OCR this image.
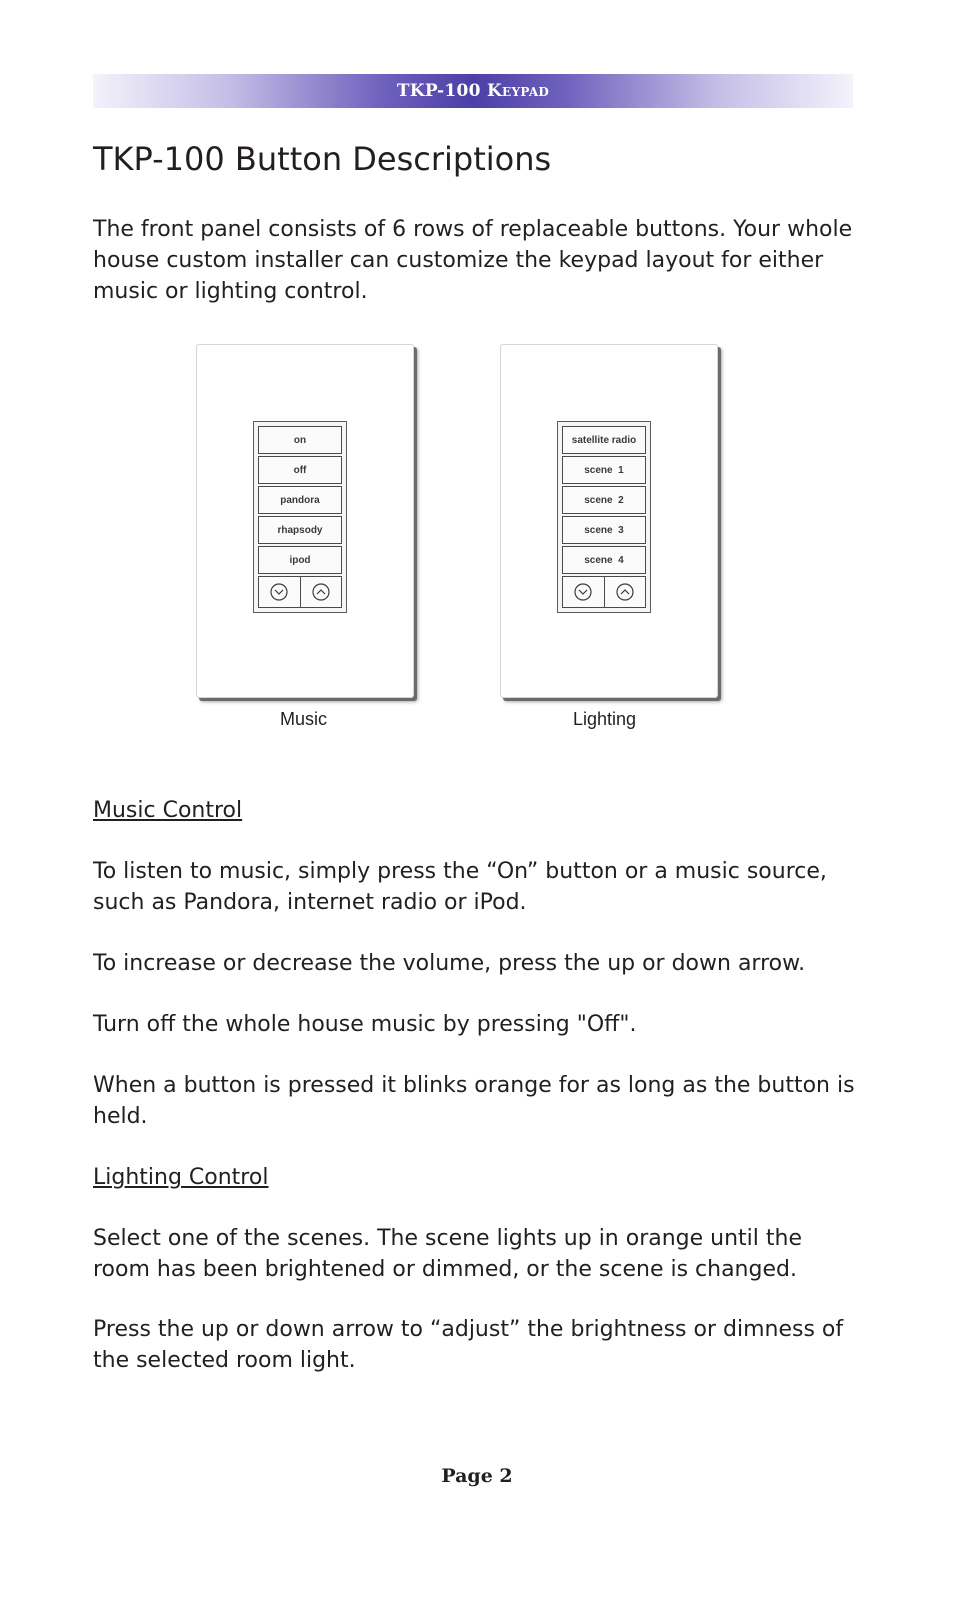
TKP-100 Keypad
TKP-100 Button Descriptions

The front panel consists of 6 rows of replaceable buttons. Your whole house custom installer can customize the keypad layout for either music or lighting control.

on
off
pandora
rhapsody
ipod
Music
satellite radio
scene  1
scene  2
scene  3
scene  4
Lighting

Music Control

To listen to music, simply press the “On” button or a music source, such as Pandora, internet radio or iPod.

To increase or decrease the volume, press the up or down arrow.

Turn off the whole house music by pressing "Off".

When a button is pressed it blinks orange for as long as the button is held.

Lighting Control

Select one of the scenes. The scene lights up in orange until the room has been brightened or dimmed, or the scene is changed.

Press the up or down arrow to “adjust” the brightness or dimness of the selected room light.

Page 2
